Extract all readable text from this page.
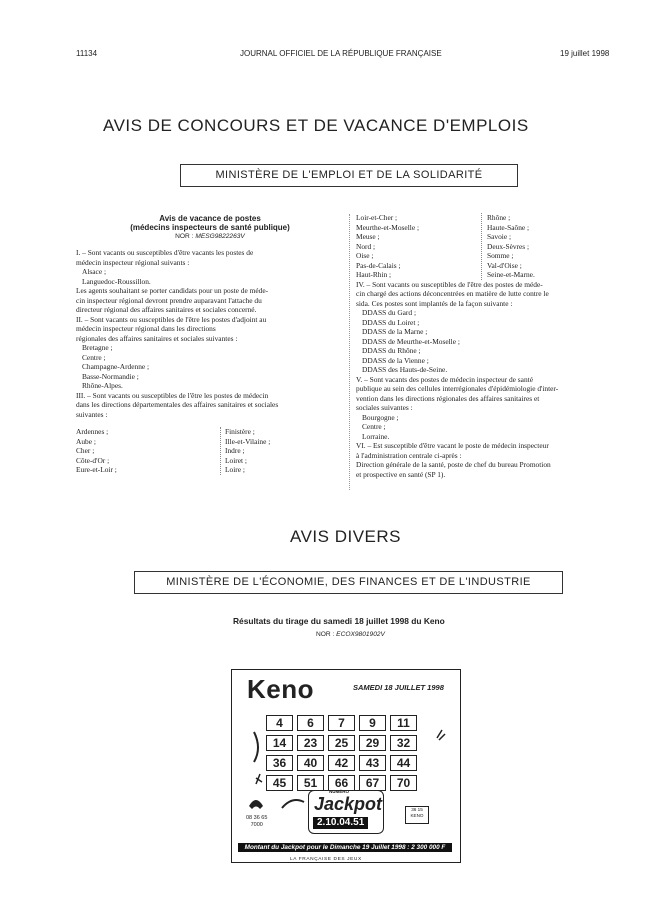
11134	JOURNAL OFFICIEL DE LA RÉPUBLIQUE FRANÇAISE	19 juillet 1998
AVIS DE CONCOURS ET DE VACANCE D'EMPLOIS
MINISTÈRE DE L'EMPLOI ET DE LA SOLIDARITÉ
Avis de vacance de postes
(médecins inspecteurs de santé publique)
NOR : MESG9822263V
I. – Sont vacants ou susceptibles d'être vacants les postes de
médecin inspecteur régional suivants :
Alsace ;
Languedoc-Roussillon.
Les agents souhaitant se porter candidats pour un poste de méde-
cin inspecteur régional devront prendre auparavant l'attache du
directeur régional des affaires sanitaires et sociales concerné.
II. – Sont vacants ou susceptibles de l'être les postes d'adjoint au
médecin inspecteur régional dans les directions
régionales des affaires sanitaires et sociales suivantes :
Bretagne ;
Centre ;
Champagne-Ardenne ;
Basse-Normandie ;
Rhône-Alpes.
III. – Sont vacants ou susceptibles de l'être les postes de médecin
dans les directions départementales des affaires sanitaires et sociales
suivantes :
Ardennes ;
Aube ;
Cher ;
Côte-d'Or ;
Eure-et-Loir ;
Finistère ;
Ille-et-Vilaine ;
Indre ;
Loiret ;
Loire ;
Loir-et-Cher ;
Meurthe-et-Moselle ;
Meuse ;
Nord ;
Oise ;
Pas-de-Calais ;
Haut-Rhin ;
Rhône ;
Haute-Saône ;
Savoie ;
Deux-Sèvres ;
Somme ;
Val-d'Oise ;
Seine-et-Marne.
IV. – Sont vacants ou susceptibles de l'être des postes de méde-
cin chargé des actions déconcentrées en matière de lutte contre le
sida. Ces postes sont implantés de la façon suivante :
DDASS du Gard ;
DDASS du Loiret ;
DDASS de la Marne ;
DDASS de Meurthe-et-Moselle ;
DDASS du Rhône ;
DDASS de la Vienne ;
DDASS des Hauts-de-Seine.
V. – Sont vacants des postes de médecin inspecteur de santé
publique au sein des cellules interrégionales d'épidémiologie d'inter-
vention dans les directions régionales des affaires sanitaires et
sociales suivantes :
Bourgogne ;
Centre ;
Lorraine.
VI. – Est susceptible d'être vacant le poste de médecin inspecteur
à l'administration centrale ci-après :
Direction générale de la santé, poste de chef du bureau Promotion
et prospective en santé (SP 1).
AVIS DIVERS
MINISTÈRE DE L'ÉCONOMIE, DES FINANCES ET DE L'INDUSTRIE
Résultats du tirage du samedi 18 juillet 1998 du Keno
NOR : ECOX9801902V
Keno	SAMEDI 18 JUILLET 1998
4	6	7	9	11
14	23	25	29	32
36	40	42	43	44
45	51	66	67	70
08 36 65
7000
NUMÉRO
Jackpot
2.10.04.51
36 15
KENO
Montant du Jackpot pour le Dimanche 19 Juillet 1998 : 2 300 000 F
LA FRANÇAISE DES JEUX
